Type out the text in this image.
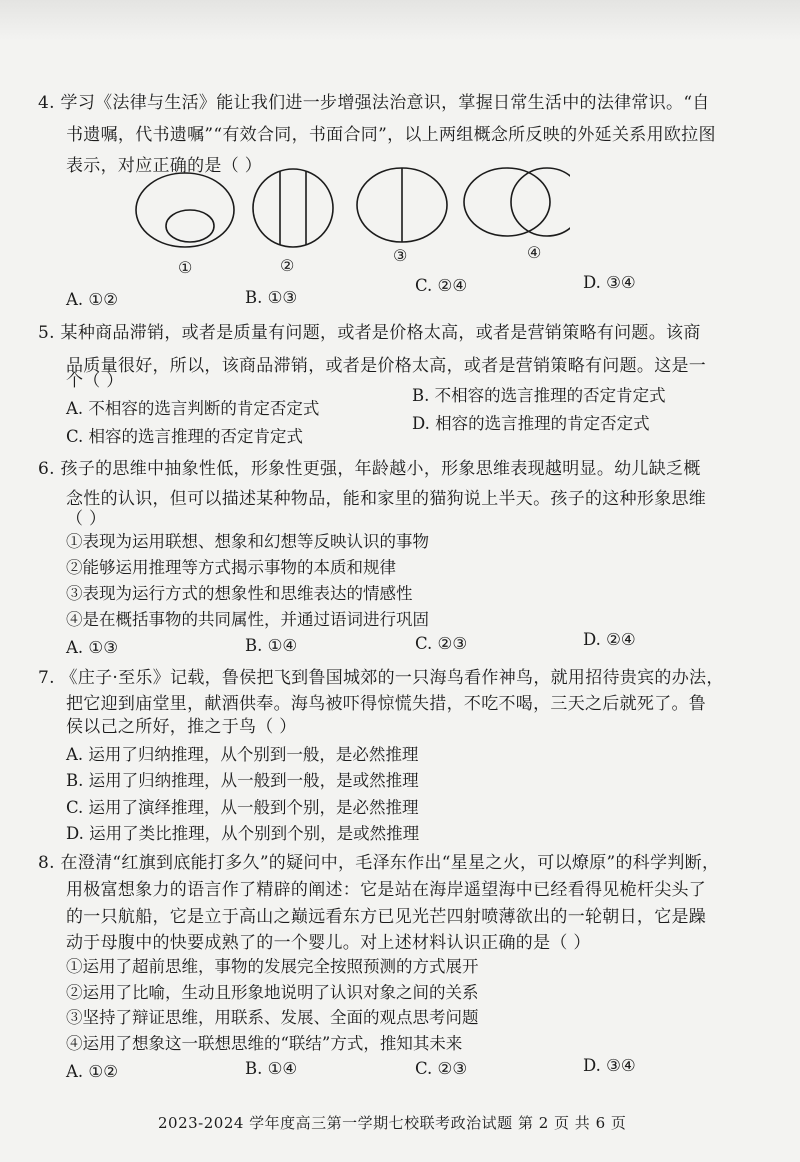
4. 学习《法律与生活》能让我们进一步增强法治意识，掌握日常生活中的法律常识。“自
书遗嘱，代书遗嘱”“有效合同，书面合同”，以上两组概念所反映的外延关系用欧拉图
表示，对应正确的是（ ）
①	②
③	④
A. ①②	B. ①③
C. ②④	D. ③④
5. 某种商品滞销，或者是质量有问题，或者是价格太高，或者是营销策略有问题。该商
品质量很好，所以，该商品滞销，或者是价格太高，或者是营销策略有问题。这是一
个（ ）
A. 不相容的选言判断的肯定否定式
B. 不相容的选言推理的否定肯定式
C. 相容的选言推理的否定肯定式
D. 相容的选言推理的肯定否定式
6. 孩子的思维中抽象性低，形象性更强，年龄越小，形象思维表现越明显。幼儿缺乏概
念性的认识，但可以描述某种物品，能和家里的猫狗说上半天。孩子的这种形象思维
（ ）
①表现为运用联想、想象和幻想等反映认识的事物
②能够运用推理等方式揭示事物的本质和规律
③表现为运行方式的想象性和思维表达的情感性
④是在概括事物的共同属性，并通过语词进行巩固
A. ①③	B. ①④	C. ②③	D. ②④
7. 《庄子·至乐》记载，鲁侯把飞到鲁国城郊的一只海鸟看作神鸟，就用招待贵宾的办法，
把它迎到庙堂里，献酒供奉。海鸟被吓得惊慌失措，不吃不喝，三天之后就死了。鲁
侯以己之所好，推之于鸟（ ）
A. 运用了归纳推理，从个别到一般，是必然推理
B. 运用了归纳推理，从一般到一般，是或然推理
C. 运用了演绎推理，从一般到个别，是必然推理
D. 运用了类比推理，从个别到个别，是或然推理
8. 在澄清“红旗到底能打多久”的疑问中，毛泽东作出“星星之火，可以燎原”的科学判断，
用极富想象力的语言作了精辟的阐述：它是站在海岸遥望海中已经看得见桅杆尖头了
的一只航船，它是立于高山之巅远看东方已见光芒四射喷薄欲出的一轮朝日，它是躁
动于母腹中的快要成熟了的一个婴儿。对上述材料认识正确的是（ ）
①运用了超前思维，事物的发展完全按照预测的方式展开
②运用了比喻，生动且形象地说明了认识对象之间的关系
③坚持了辩证思维，用联系、发展、全面的观点思考问题
④运用了想象这一联想思维的“联结”方式，推知其未来
A. ①②	B. ①④	C. ②③	D. ③④
2023-2024 学年度高三第一学期七校联考政治试题 第 2 页 共 6 页
